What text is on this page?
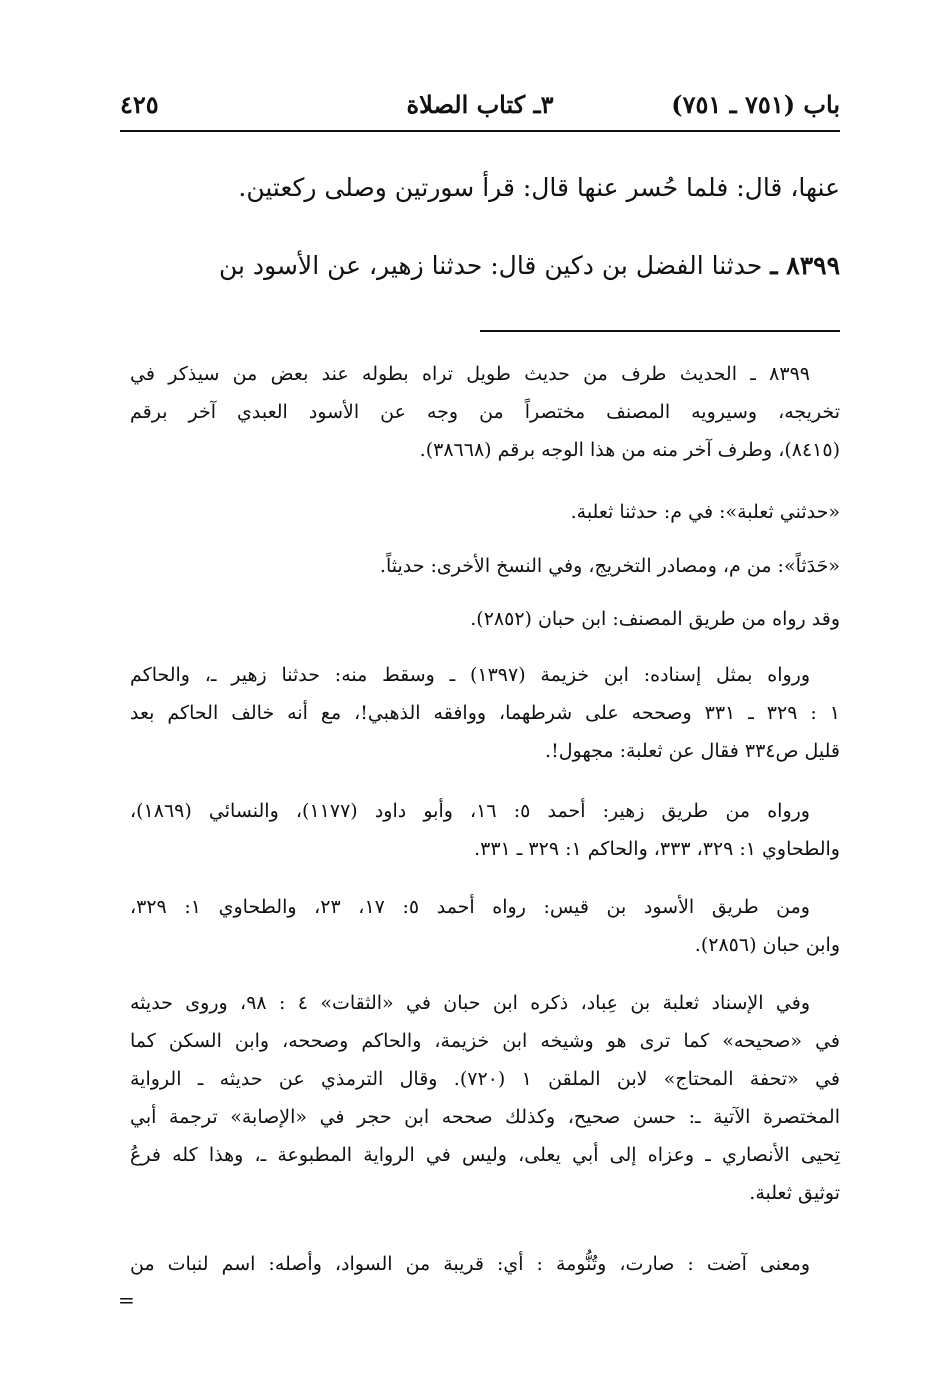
باب (٧٥١ ـ ٧٥١)
٣ـ كتاب الصلاة
٤٢٥
عنها، قال: فلما حُسر عنها قال: قرأ سورتين وصلى ركعتين.
٨٣٩٩ ـ حدثنا الفضل بن دكين قال: حدثنا زهير، عن الأسود بن

٨٣٩٩ ـ الحديث طرف من حديث طويل تراه بطوله عند بعض من سيذكر في

تخريجه، وسيرويه المصنف مختصراً من وجه عن الأسود العبدي آخر برقم

(٨٤١٥)، وطرف آخر منه من هذا الوجه برقم (٣٨٦٦٨).

«حدثني ثعلبة»: في م: حدثنا ثعلبة.

«حَدَثاً»: من م، ومصادر التخريج، وفي النسخ الأخرى: حديثاً.

وقد رواه من طريق المصنف: ابن حبان (٢٨٥٢).

ورواه بمثل إسناده: ابن خزيمة (١٣٩٧) ـ وسقط منه: حدثنا زهير ـ، والحاكم

١ : ٣٢٩ ـ ٣٣١ وصححه على شرطهما، ووافقه الذهبي!، مع أنه خالف الحاكم بعد

قليل ص٣٣٤ فقال عن ثعلبة: مجهول!.

ورواه من طريق زهير: أحمد ٥: ١٦، وأبو داود (١١٧٧)، والنسائي (١٨٦٩)،

والطحاوي ١: ٣٢٩، ٣٣٣، والحاكم ١: ٣٢٩ ـ ٣٣١.

ومن طريق الأسود بن قيس: رواه أحمد ٥: ١٧، ٢٣، والطحاوي ١: ٣٢٩،

وابن حبان (٢٨٥٦).

وفي الإسناد ثعلبة بن عِباد، ذكره ابن حبان في «الثقات» ٤ : ٩٨، وروى حديثه

في «صحيحه» كما ترى هو وشيخه ابن خزيمة، والحاكم وصححه، وابن السكن كما

في «تحفة المحتاج» لابن الملقن ١ (٧٢٠). وقال الترمذي عن حديثه ـ الرواية

المختصرة الآتية ـ: حسن صحيح، وكذلك صححه ابن حجر في «الإصابة» ترجمة أبي

تِحيى الأنصاري ـ وعزاه إلى أبي يعلى، وليس في الرواية المطبوعة ـ، وهذا كله فرعُ

توثيق ثعلبة.

ومعنى آضت : صارت، وتُنُّومة : أي: قريبة من السواد، وأصله: اسم لنبات من

=
